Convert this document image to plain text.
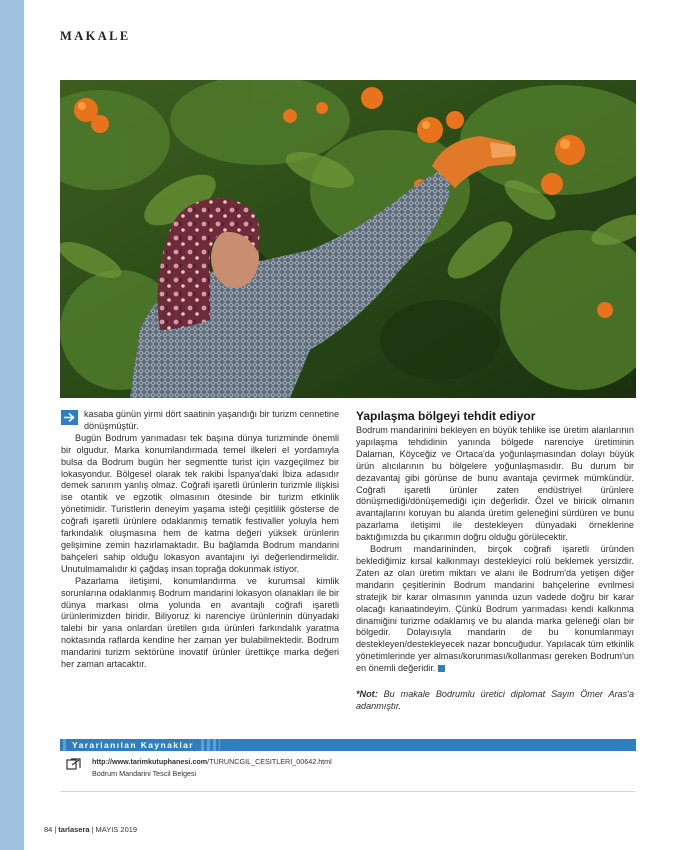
MAKALE

kasaba günün yirmi dört saatinin yaşandığı bir turizm cennetine dönüşmüştür.

Bugün Bodrum yarımadası tek başına dünya turizminde önemli bir olgudur. Marka konumlandırmada temel ilkeleri el yordamıyla bulsa da Bodrum bugün her segmentte turist için vazgeçilmez bir lokasyondur. Bölgesel olarak tek rakibi İspanya'daki İbiza adasıdır demek sanırım yanlış olmaz. Coğrafi işaretli ürünlerin turizmle ilişkisi ise otantik ve egzotik olmasının ötesinde bir turizm etkinlik yönetimidir. Turistlerin deneyim yaşama isteği çeşitlilik gösterse de coğrafi işaretli ürünlere odaklanmış tematik festivaller yoluyla hem farkındalık oluşmasına hem de katma değeri yüksek ürünlerin gelişimine zemin hazırlamaktadır. Bu bağlamda Bodrum mandarini bahçeleri sahip olduğu lokasyon avantajını iyi değerlendirmelidir. Unutulmamalıdır ki çağdaş insan toprağa dokunmak istiyor.

Pazarlama iletişimi, konumlandırma ve kurumsal kimlik sorunlarına odaklanmış Bodrum mandarini lokasyon olanakları ile bir dünya markası olma yolunda en avantajlı coğrafi işaretli ürünlerimizden biridir. Biliyoruz ki narenciye ürünlerinin dünyadaki talebi bir yana onlardan üretilen gıda ürünleri farkındalık yaratma noktasında raflarda kendine her zaman yer bulabilmektedir. Bodrum mandarini turizm sektörüne inovatif ürünler ürettikçe marka değeri her zaman artacaktır.

Yapılaşma bölgeyi tehdit ediyor

Bodrum mandarinini bekleyen en büyük tehlike ise üretim alanlarının yapılaşma tehdidinin yanında bölgede narenciye üretiminin Dalaman, Köyceğiz ve Ortaca'da yoğunlaşmasından dolayı büyük ürün alıcılarının bu bölgelere yoğunlaşmasıdır. Bu durum bir dezavantaj gibi görünse de bunu avantaja çevirmek mümkündür. Coğrafi işaretli ürünler zaten endüstriyel ürünlere dönüşmediği/dönüşemediği için değerlidir. Özel ve biricik olmanın avantajlarını koruyan bu alanda üretim geleneğini sürdüren ve bunu pazarlama iletişimi ile destekleyen dünyadaki örneklerine baktığımızda bu çıkarımın doğru olduğu görülecektir.

Bodrum mandarininden, birçok coğrafi işaretli üründen beklediğimiz kırsal kalkınmayı destekleyici rolü beklemek yersizdir. Zaten az olan üretim miktarı ve alanı ile Bodrum'da yetişen diğer mandarin çeşitlerinin Bodrum mandarini bahçelerine evrilmesi stratejik bir karar olmasının yanında uzun vadede doğru bir karar olacağı kanaatindeyim. Çünkü Bodrum yarımadası kendi kalkınma dinamiğini turizme odaklamış ve bu alanda marka geleneği olan bir bölgedir. Dolayısıyla mandarin de bu konumlanmayı destekleyen/destekleyecek nazar boncuğudur. Yapılacak tüm etkinlik yönetimlerinde yer alması/korunması/kollanması gereken Bodrum'un en önemli değeridir.

*Not: Bu makale Bodrumlu üretici diplomat Sayın Ömer Aras'a adanmıştır.

Yararlanılan Kaynaklar
http://www.tarimkutuphanesi.com/TURUNCGIL_CESITLERI_00642.html
Bodrum Mandarini Tescil Belgesi
84 | tarlasera | MAYIS 2019
